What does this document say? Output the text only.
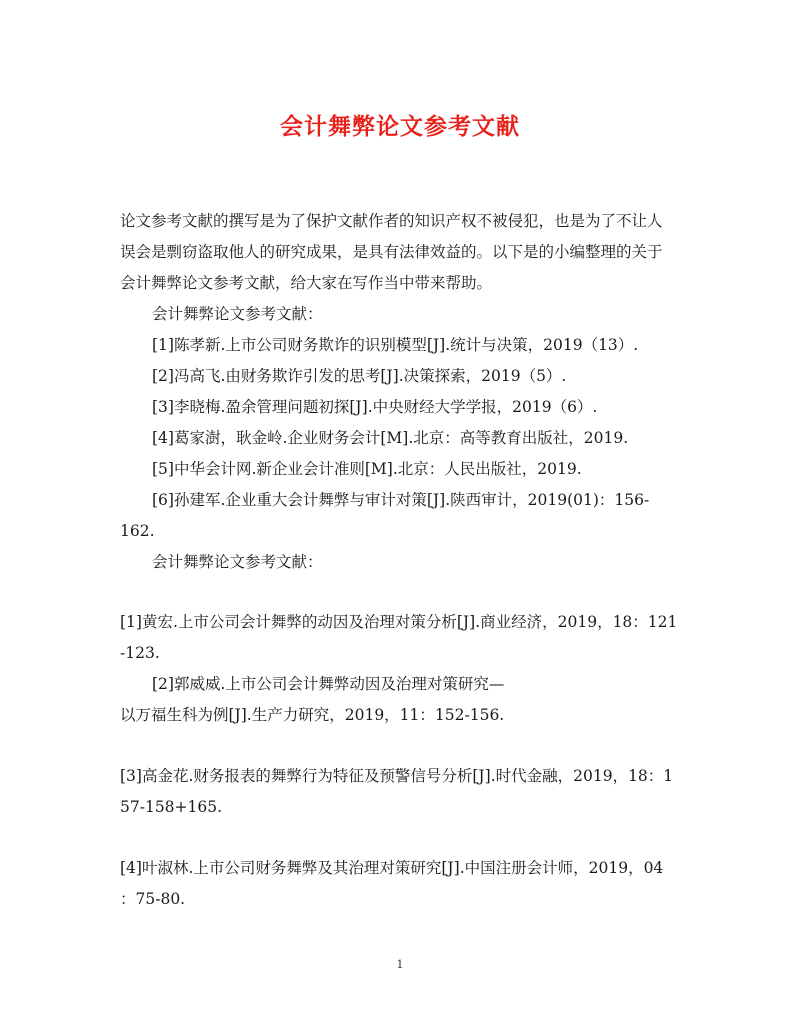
会计舞弊论文参考文献
论文参考文献的撰写是为了保护文献作者的知识产权不被侵犯，也是为了不让人
误会是剽窃盗取他人的研究成果，是具有法律效益的。以下是的小编整理的关于
会计舞弊论文参考文献，给大家在写作当中带来帮助。
会计舞弊论文参考文献：
[1]陈孝新.上市公司财务欺诈的识别模型[J].统计与决策，2019（13）.
[2]冯高飞.由财务欺诈引发的思考[J].决策探索，2019（5）.
[3]李晓梅.盈余管理问题初探[J].中央财经大学学报，2019（6）.
[4]葛家澍，耿金岭.企业财务会计[M].北京：高等教育出版社，2019.
[5]中华会计网.新企业会计准则[M].北京：人民出版社，2019.
[6]孙建军.企业重大会计舞弊与审计对策[J].陕西审计，2019(01)：156-
162.
会计舞弊论文参考文献：
[1]黄宏.上市公司会计舞弊的动因及治理对策分析[J].商业经济，2019，18：121
-123.
[2]郭威威.上市公司会计舞弊动因及治理对策研究—
以万福生科为例[J].生产力研究，2019，11：152-156.
[3]高金花.财务报表的舞弊行为特征及预警信号分析[J].时代金融，2019，18：1
57-158+165.
[4]叶淑林.上市公司财务舞弊及其治理对策研究[J].中国注册会计师，2019，04
：75-80.
1
